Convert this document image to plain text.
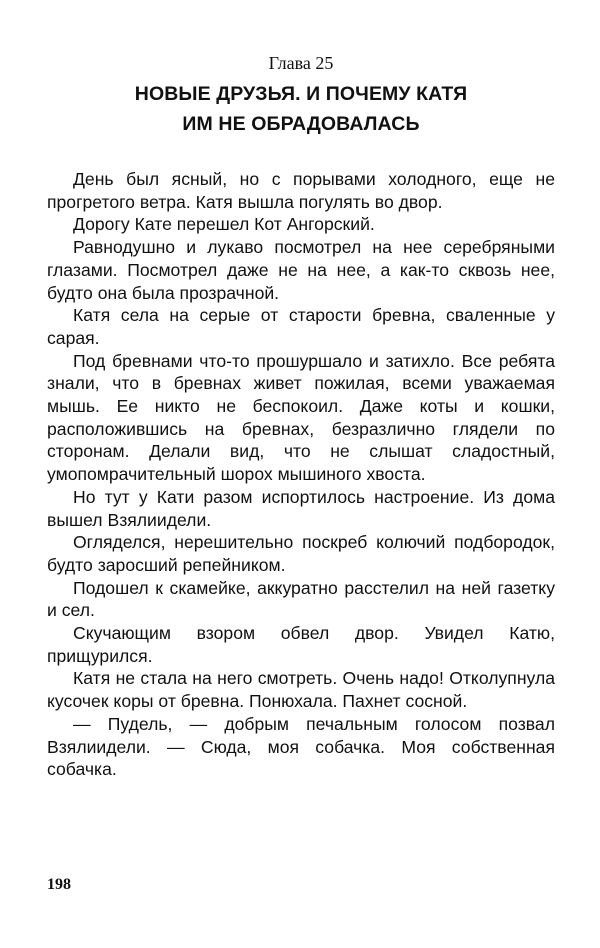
Глава 25
НОВЫЕ ДРУЗЬЯ. И ПОЧЕМУ КАТЯ
ИМ НЕ ОБРАДОВАЛАСЬ

День был ясный, но с порывами холодного, еще не прогретого ветра. Катя вышла погулять во двор.

Дорогу Кате перешел Кот Ангорский.

Равнодушно и лукаво посмотрел на нее серебряными глазами. Посмотрел даже не на нее, а как-то сквозь нее, будто она была прозрачной.

Катя села на серые от старости бревна, сваленные у сарая.

Под бревнами что-то прошуршало и затихло. Все ребята знали, что в бревнах живет пожилая, всеми уважаемая мышь. Ее никто не беспокоил. Даже коты и кошки, расположившись на бревнах, безразлично глядели по сторонам. Делали вид, что не слышат сладостный, умопомрачительный шорох мышиного хвоста.

Но тут у Кати разом испортилось настроение. Из дома вышел Взялиидели.

Огляделся, нерешительно поскреб колючий подбородок, будто заросший репейником.

Подошел к скамейке, аккуратно расстелил на ней газетку и сел.

Скучающим взором обвел двор. Увидел Катю, прищурился.

Катя не стала на него смотреть. Очень надо! Отколупнула кусочек коры от бревна. Понюхала. Пахнет сосной.

— Пудель, — добрым печальным голосом позвал Взялиидели. — Сюда, моя собачка. Моя собственная собачка.

198
